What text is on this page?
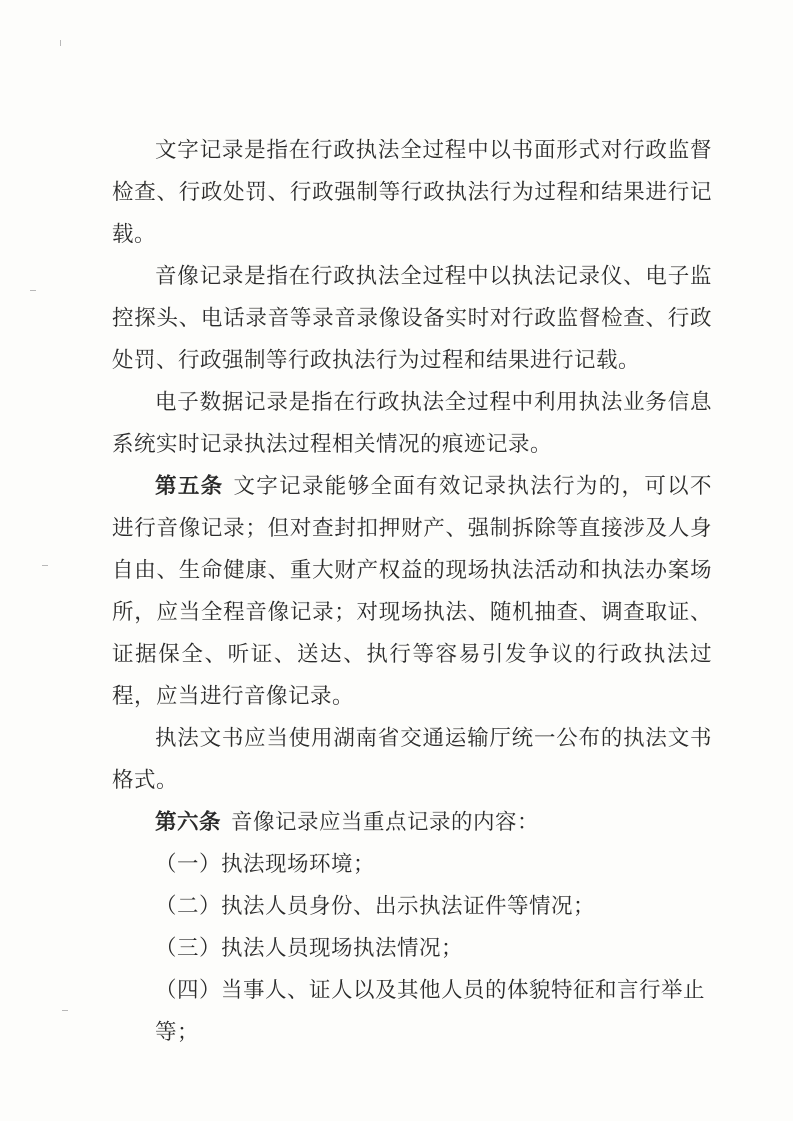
文字记录是指在行政执法全过程中以书面形式对行政监督检查、行政处罚、行政强制等行政执法行为过程和结果进行记载。

音像记录是指在行政执法全过程中以执法记录仪、电子监控探头、电话录音等录音录像设备实时对行政监督检查、行政处罚、行政强制等行政执法行为过程和结果进行记载。

电子数据记录是指在行政执法全过程中利用执法业务信息系统实时记录执法过程相关情况的痕迹记录。

第五条 文字记录能够全面有效记录执法行为的，可以不进行音像记录；但对查封扣押财产、强制拆除等直接涉及人身自由、生命健康、重大财产权益的现场执法活动和执法办案场所，应当全程音像记录；对现场执法、随机抽查、调查取证、证据保全、听证、送达、执行等容易引发争议的行政执法过程，应当进行音像记录。

执法文书应当使用湖南省交通运输厅统一公布的执法文书格式。

第六条 音像记录应当重点记录的内容：

（一）执法现场环境；

（二）执法人员身份、出示执法证件等情况；

（三）执法人员现场执法情况；

（四）当事人、证人以及其他人员的体貌特征和言行举止等；
